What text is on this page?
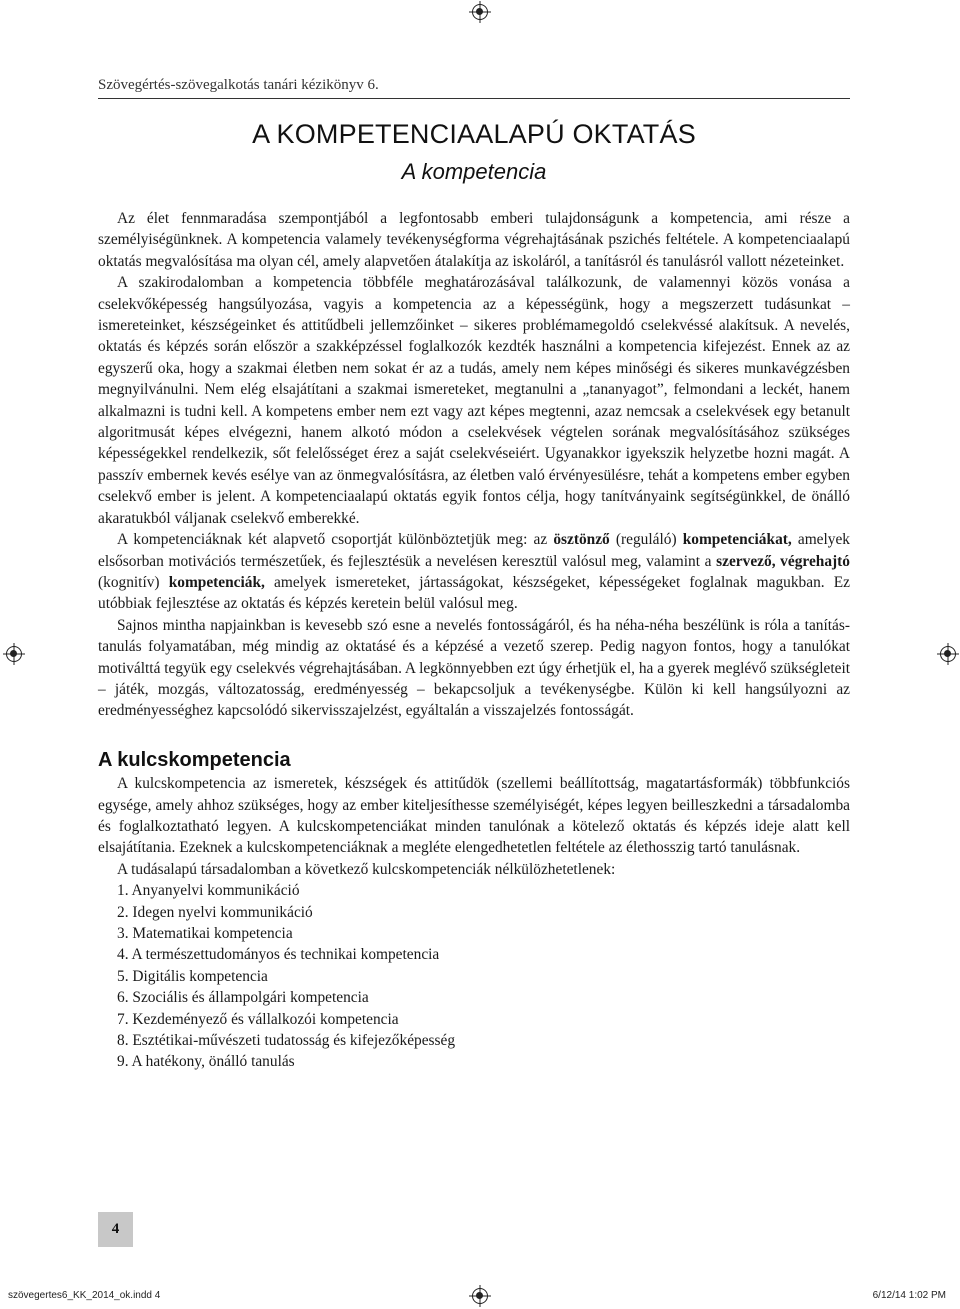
Szövegértés-szövegalkotás tanári kézikönyv 6.
A KOMPETENCIAALAPÚ OKTATÁS
A kompetencia

Az élet fennmaradása szempontjából a legfontosabb emberi tulajdonságunk a kompetencia, ami része a személyiségünknek. A kompetencia valamely tevékenységforma végrehajtásának pszichés feltétele. A kompetenciaalapú oktatás megvalósítása ma olyan cél, amely alapvetően átalakítja az iskoláról, a tanításról és tanulásról vallott nézeteinket.

A szakirodalomban a kompetencia többféle meghatározásával találkozunk, de valamennyi közös vonása a cselekvőképesség hangsúlyozása, vagyis a kompetencia az a képességünk, hogy a megszerzett tudásunkat – ismereteinket, készségeinket és attitűdbeli jellemzőinket – sikeres problémamegoldó cselekvéssé alakítsuk. A nevelés, oktatás és képzés során először a szakképzéssel foglalkozók kezdték használni a kompetencia kifejezést. Ennek az az egyszerű oka, hogy a szakmai életben nem sokat ér az a tudás, amely nem képes minőségi és sikeres munkavégzésben megnyilvánulni. Nem elég elsajátítani a szakmai ismereteket, megtanulni a „tananyagot”, felmondani a leckét, hanem alkalmazni is tudni kell. A kompetens ember nem ezt vagy azt képes megtenni, azaz nemcsak a cselekvések egy betanult algoritmusát képes elvégezni, hanem alkotó módon a cselekvések végtelen sorának megvalósításához szükséges képességekkel rendelkezik, sőt felelősséget érez a saját cselekvéseiért. Ugyanakkor igyekszik helyzetbe hozni magát. A passzív embernek kevés esélye van az önmegvalósításra, az életben való érvényesülésre, tehát a kompetens ember egyben cselekvő ember is jelent. A kompetenciaalapú oktatás egyik fontos célja, hogy tanítványaink segítségünkkel, de önálló akaratukból váljanak cselekvő emberekké.

A kompetenciáknak két alapvető csoportját különböztetjük meg: az ösztönző (reguláló) kompetenciákat, amelyek elsősorban motivációs természetűek, és fejlesztésük a nevelésen keresztül valósul meg, valamint a szervező, végrehajtó (kognitív) kompetenciák, amelyek ismereteket, jártasságokat, készségeket, képességeket foglalnak magukban. Ez utóbbiak fejlesztése az oktatás és képzés keretein belül valósul meg.

Sajnos mintha napjainkban is kevesebb szó esne a nevelés fontosságáról, és ha néha-néha beszélünk is róla a tanítás-tanulás folyamatában, még mindig az oktatásé és a képzésé a vezető szerep. Pedig nagyon fontos, hogy a tanulókat motiválttá tegyük egy cselekvés végrehajtásában. A legkönnyebben ezt úgy érhetjük el, ha a gyerek meglévő szükségleteit – játék, mozgás, változatosság, eredményesség – bekapcsoljuk a tevékenységbe. Külön ki kell hangsúlyozni az eredményességhez kapcsolódó sikervisszajelzést, egyáltalán a visszajelzés fontosságát.

A kulcskompetencia

A kulcskompetencia az ismeretek, készségek és attitűdök (szellemi beállítottság, magatartásformák) többfunkciós egysége, amely ahhoz szükséges, hogy az ember kiteljesíthesse személyiségét, képes legyen beilleszkedni a társadalomba és foglalkoztatható legyen. A kulcskompetenciákat minden tanulónak a kötelező oktatás és képzés ideje alatt kell elsajátítania. Ezeknek a kulcskompetenciáknak a megléte elengedhetetlen feltétele az élethosszig tartó tanulásnak.

A tudásalapú társadalomban a következő kulcskompetenciák nélkülözhetetlenek:

1. Anyanyelvi kommunikáció
2. Idegen nyelvi kommunikáció
3. Matematikai kompetencia
4. A természettudományos és technikai kompetencia
5. Digitális kompetencia
6. Szociális és állampolgári kompetencia
7. Kezdeményező és vállalkozói kompetencia
8. Esztétikai-művészeti tudatosság és kifejezőképesség
9. A hatékony, önálló tanulás
4
szövegertes6_KK_2014_ok.indd 4	6/12/14 1:02 PM
